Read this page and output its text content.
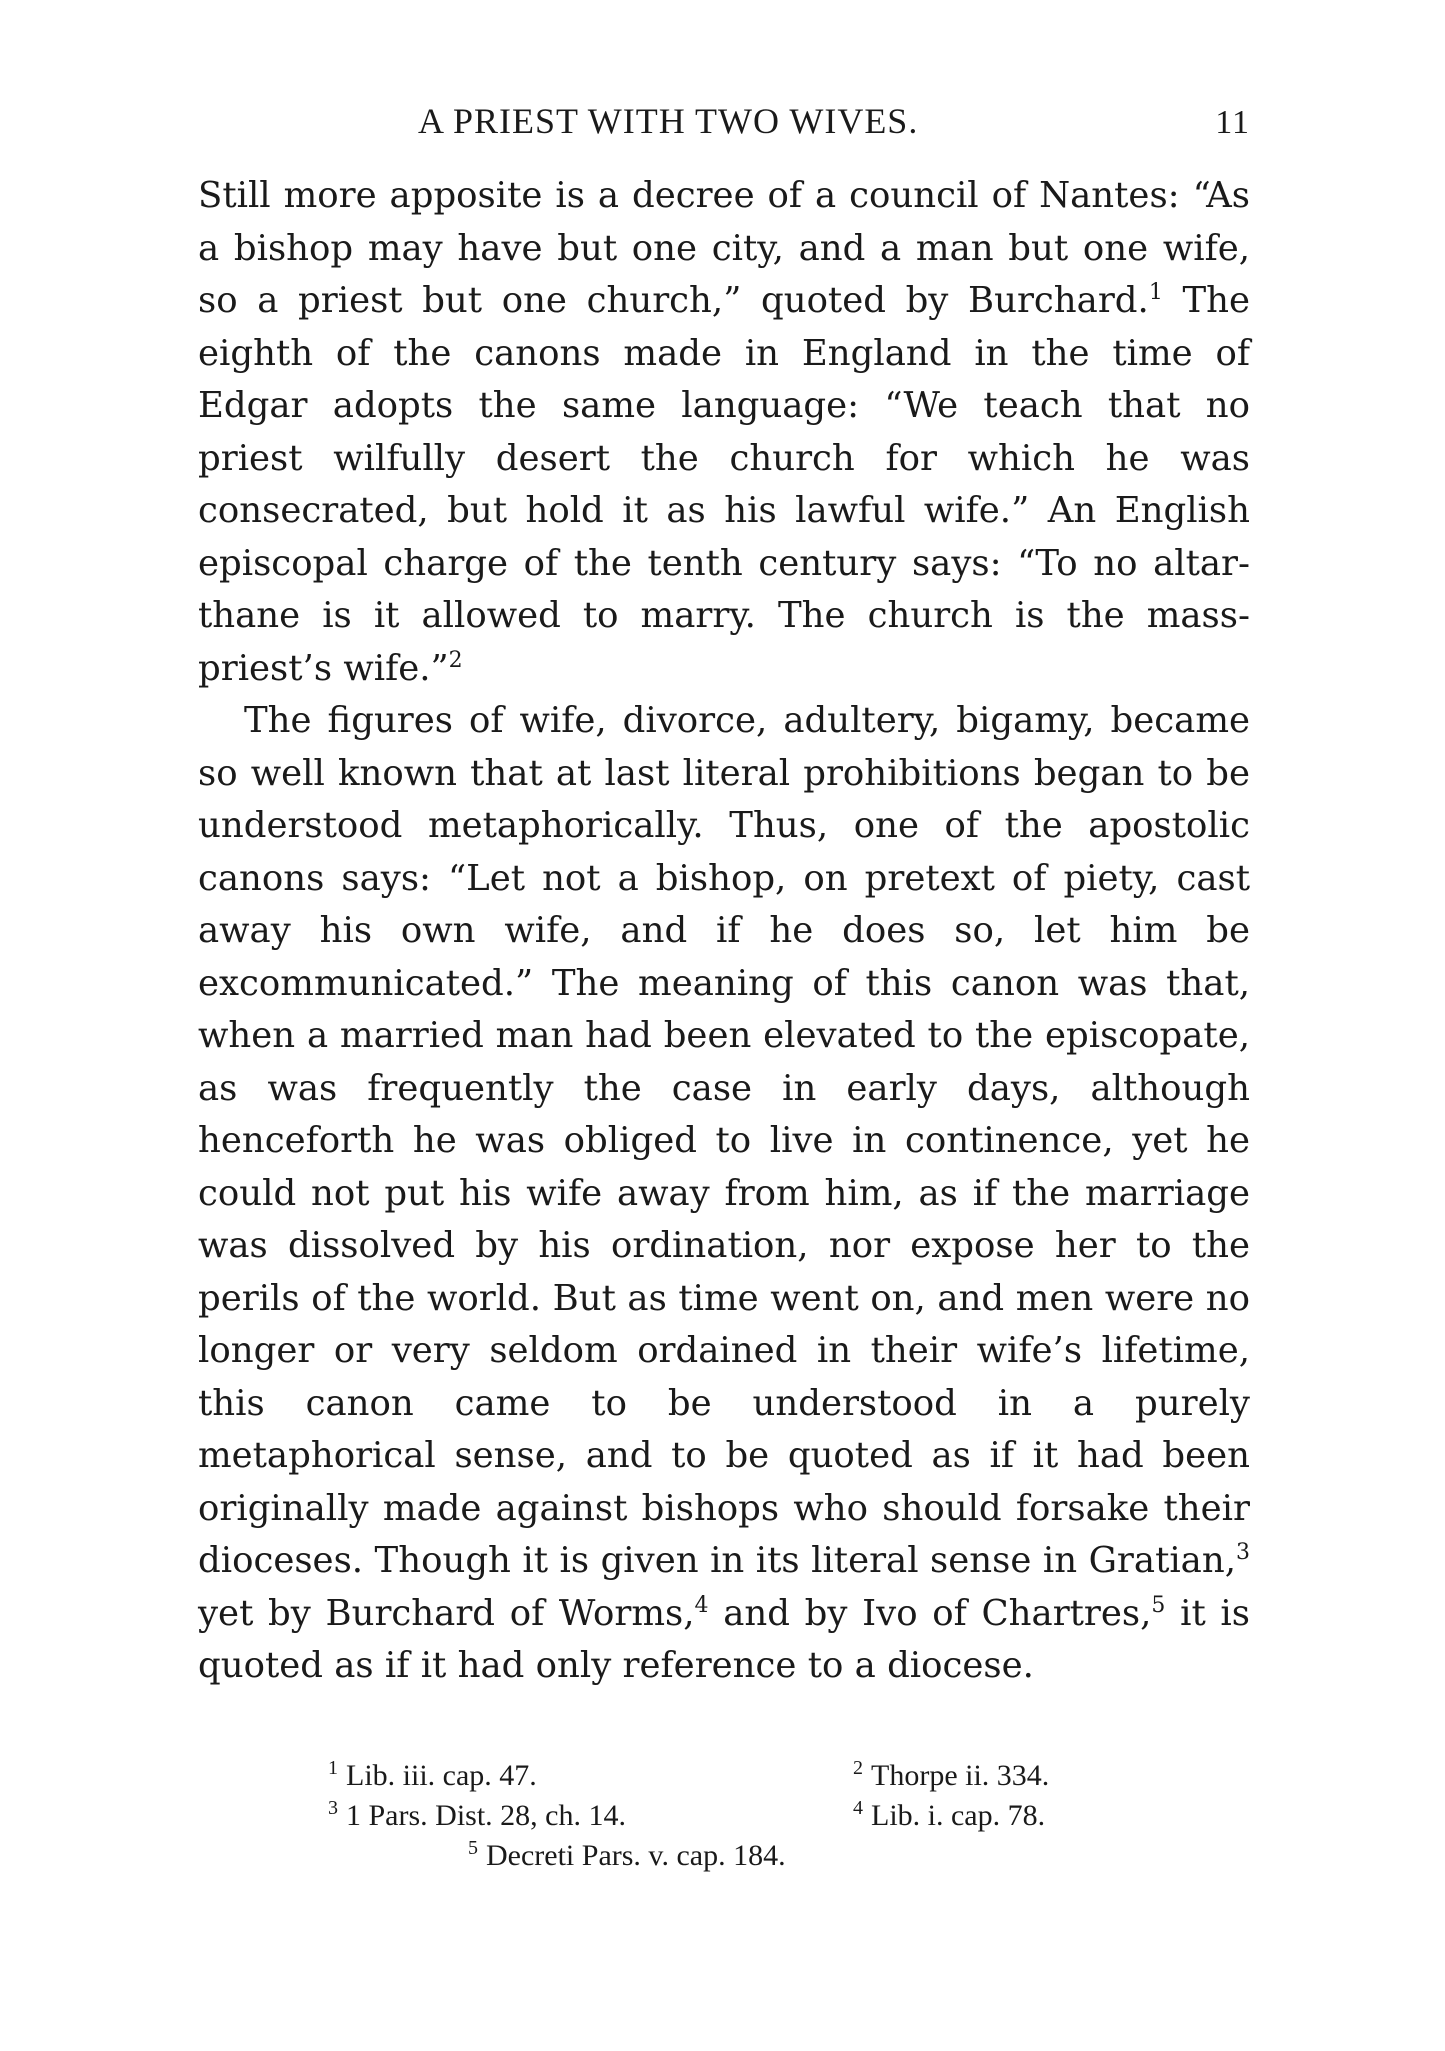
A PRIEST WITH TWO WIVES.	11

Still more apposite is a decree of a council of Nantes: “As a bishop may have but one city, and a man but one wife, so a priest but one church,” quoted by Burchard.$^1$ The eighth of the canons made in England in the time of Edgar adopts the same language: “We teach that no priest wilfully desert the church for which he was consecrated, but hold it as his lawful wife.” An English episcopal charge of the tenth century says: “To no altar-thane is it allowed to marry. The church is the mass-priest’s wife.”$^2$

The figures of wife, divorce, adultery, bigamy, became so well known that at last literal prohibitions began to be understood metaphorically. Thus, one of the apostolic canons says: “Let not a bishop, on pretext of piety, cast away his own wife, and if he does so, let him be excommunicated.” The meaning of this canon was that, when a married man had been elevated to the episcopate, as was frequently the case in early days, although henceforth he was obliged to live in continence, yet he could not put his wife away from him, as if the marriage was dissolved by his ordination, nor expose her to the perils of the world. But as time went on, and men were no longer or very seldom ordained in their wife’s lifetime, this canon came to be understood in a purely metaphorical sense, and to be quoted as if it had been originally made against bishops who should forsake their dioceses. Though it is given in its literal sense in Gratian,$^3$ yet by Burchard of Worms,$^4$ and by Ivo of Chartres,$^5$ it is quoted as if it had only reference to a diocese.

$^1$ Lib. iii. cap. 47.	$^2$ Thorpe ii. 334.
$^3$ 1 Pars. Dist. 28, ch. 14.	$^4$ Lib. i. cap. 78.
$^5$ Decreti Pars. v. cap. 184.
